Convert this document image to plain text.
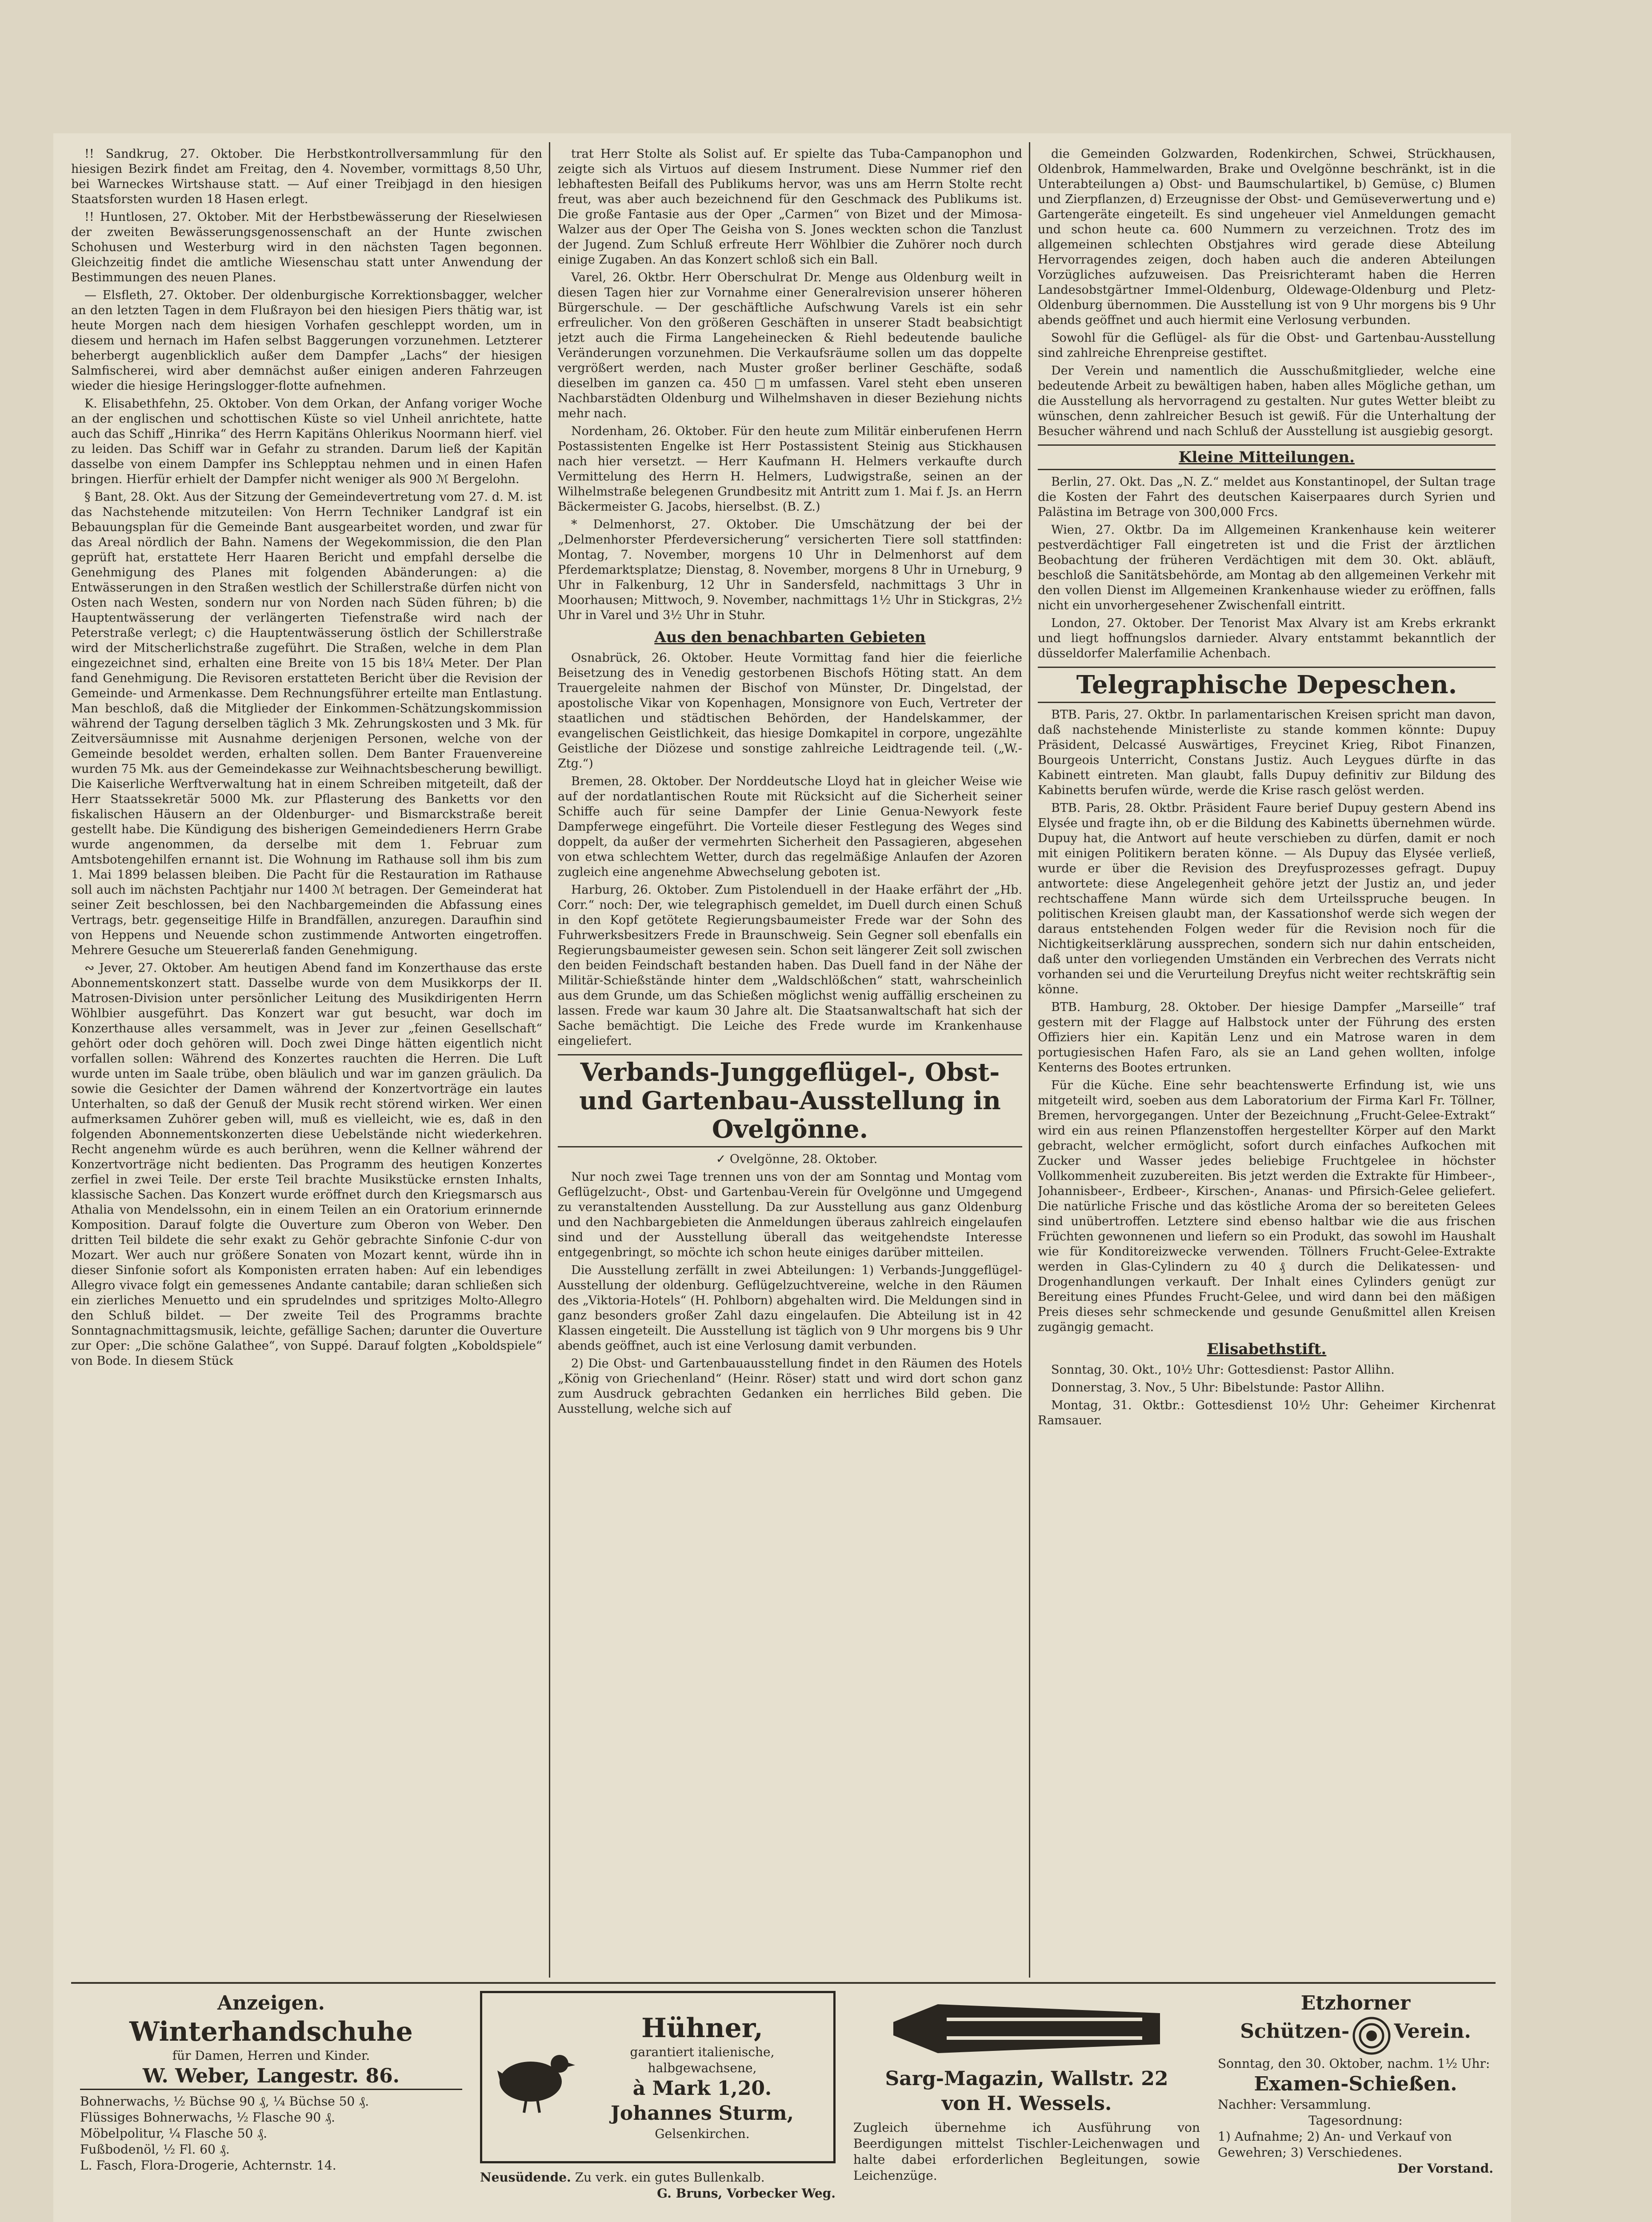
!! Sandkrug, 27. Oktober. Die Herbstkontrollversammlung für den hiesigen Bezirk findet am Freitag, den 4. November, vormittags 8,50 Uhr, bei Warneckes Wirtshause statt. — Auf einer Treibjagd in den hiesigen Staatsforsten wurden 18 Hasen erlegt.

!! Huntlosen, 27. Oktober. Mit der Herbstbewässerung der Rieselwiesen der zweiten Bewässerungsgenossenschaft an der Hunte zwischen Schohusen und Westerburg wird in den nächsten Tagen begonnen. Gleichzeitig findet die amtliche Wiesenschau statt unter Anwendung der Bestimmungen des neuen Planes.

— Elsfleth, 27. Oktober. Der oldenburgische Korrektionsbagger, welcher an den letzten Tagen in dem Flußrayon bei den hiesigen Piers thätig war, ist heute Morgen nach dem hiesigen Vorhafen geschleppt worden, um in diesem und hernach im Hafen selbst Baggerungen vorzunehmen. Letzterer beherbergt augenblicklich außer dem Dampfer „Lachs“ der hiesigen Salmfischerei, wird aber demnächst außer einigen anderen Fahrzeugen wieder die hiesige Heringslogger-flotte aufnehmen.

K. Elisabethfehn, 25. Oktober. Von dem Orkan, der Anfang voriger Woche an der englischen und schottischen Küste so viel Unheil anrichtete, hatte auch das Schiff „Hinrika“ des Herrn Kapitäns Ohlerikus Noormann hierf. viel zu leiden. Das Schiff war in Gefahr zu stranden. Darum ließ der Kapitän dasselbe von einem Dampfer ins Schlepptau nehmen und in einen Hafen bringen. Hierfür erhielt der Dampfer nicht weniger als 900 ℳ Bergelohn.

§ Bant, 28. Okt. Aus der Sitzung der Gemeindevertretung vom 27. d. M. ist das Nachstehende mitzuteilen: Von Herrn Techniker Landgraf ist ein Bebauungsplan für die Gemeinde Bant ausgearbeitet worden, und zwar für das Areal nördlich der Bahn. Namens der Wegekommission, die den Plan geprüft hat, erstattete Herr Haaren Bericht und empfahl derselbe die Genehmigung des Planes mit folgenden Abänderungen: a) die Entwässerungen in den Straßen westlich der Schillerstraße dürfen nicht von Osten nach Westen, sondern nur von Norden nach Süden führen; b) die Hauptentwässerung der verlängerten Tiefenstraße wird nach der Peterstraße verlegt; c) die Hauptentwässerung östlich der Schillerstraße wird der Mitscherlichstraße zugeführt. Die Straßen, welche in dem Plan eingezeichnet sind, erhalten eine Breite von 15 bis 18¼ Meter. Der Plan fand Genehmigung. Die Revisoren erstatteten Bericht über die Revision der Gemeinde- und Armenkasse. Dem Rechnungsführer erteilte man Entlastung. Man beschloß, daß die Mitglieder der Einkommen-Schätzungskommission während der Tagung derselben täglich 3 Mk. Zehrungskosten und 3 Mk. für Zeitversäumnisse mit Ausnahme derjenigen Personen, welche von der Gemeinde besoldet werden, erhalten sollen. Dem Banter Frauenvereine wurden 75 Mk. aus der Gemeindekasse zur Weihnachtsbescherung bewilligt. Die Kaiserliche Werftverwaltung hat in einem Schreiben mitgeteilt, daß der Herr Staatssekretär 5000 Mk. zur Pflasterung des Banketts vor den fiskalischen Häusern an der Oldenburger- und Bismarckstraße bereit gestellt habe. Die Kündigung des bisherigen Gemeindedieners Herrn Grabe wurde angenommen, da derselbe mit dem 1. Februar zum Amtsbotengehilfen ernannt ist. Die Wohnung im Rathause soll ihm bis zum 1. Mai 1899 belassen bleiben. Die Pacht für die Restauration im Rathause soll auch im nächsten Pachtjahr nur 1400 ℳ betragen. Der Gemeinderat hat seiner Zeit beschlossen, bei den Nachbargemeinden die Abfassung eines Vertrags, betr. gegenseitige Hilfe in Brandfällen, anzuregen. Daraufhin sind von Heppens und Neuende schon zustimmende Antworten eingetroffen. Mehrere Gesuche um Steuererlaß fanden Genehmigung.

∾ Jever, 27. Oktober. Am heutigen Abend fand im Konzerthause das erste Abonnementskonzert statt. Dasselbe wurde von dem Musikkorps der II. Matrosen-Division unter persönlicher Leitung des Musikdirigenten Herrn Wöhlbier ausgeführt. Das Konzert war gut besucht, war doch im Konzerthause alles versammelt, was in Jever zur „feinen Gesellschaft“ gehört oder doch gehören will. Doch zwei Dinge hätten eigentlich nicht vorfallen sollen: Während des Konzertes rauchten die Herren. Die Luft wurde unten im Saale trübe, oben bläulich und war im ganzen gräulich. Da sowie die Gesichter der Damen während der Konzertvorträge ein lautes Unterhalten, so daß der Genuß der Musik recht störend wirken. Wer einen aufmerksamen Zuhörer geben will, muß es vielleicht, wie es, daß in den folgenden Abonnementskonzerten diese Uebelstände nicht wiederkehren. Recht angenehm würde es auch berühren, wenn die Kellner während der Konzertvorträge nicht bedienten. Das Programm des heutigen Konzertes zerfiel in zwei Teile. Der erste Teil brachte Musikstücke ernsten Inhalts, klassische Sachen. Das Konzert wurde eröffnet durch den Kriegsmarsch aus Athalia von Mendelssohn, ein in einem Teilen an ein Oratorium erinnernde Komposition. Darauf folgte die Ouverture zum Oberon von Weber. Den dritten Teil bildete die sehr exakt zu Gehör gebrachte Sinfonie C-dur von Mozart. Wer auch nur größere Sonaten von Mozart kennt, würde ihn in dieser Sinfonie sofort als Komponisten erraten haben: Auf ein lebendiges Allegro vivace folgt ein gemessenes Andante cantabile; daran schließen sich ein zierliches Menuetto und ein sprudelndes und spritziges Molto-Allegro den Schluß bildet. — Der zweite Teil des Programms brachte Sonntagnachmittagsmusik, leichte, gefällige Sachen; darunter die Ouverture zur Oper: „Die schöne Galathee“, von Suppé. Darauf folgten „Koboldspiele“ von Bode. In diesem Stück

trat Herr Stolte als Solist auf. Er spielte das Tuba-Campanophon und zeigte sich als Virtuos auf diesem Instrument. Diese Nummer rief den lebhaftesten Beifall des Publikums hervor, was uns am Herrn Stolte recht freut, was aber auch bezeichnend für den Geschmack des Publikums ist. Die große Fantasie aus der Oper „Carmen“ von Bizet und der Mimosa-Walzer aus der Oper The Geisha von S. Jones weckten schon die Tanzlust der Jugend. Zum Schluß erfreute Herr Wöhlbier die Zuhörer noch durch einige Zugaben. An das Konzert schloß sich ein Ball.

Varel, 26. Oktbr. Herr Oberschulrat Dr. Menge aus Oldenburg weilt in diesen Tagen hier zur Vornahme einer Generalrevision unserer höheren Bürgerschule. — Der geschäftliche Aufschwung Varels ist ein sehr erfreulicher. Von den größeren Geschäften in unserer Stadt beabsichtigt jetzt auch die Firma Langeheinecken & Riehl bedeutende bauliche Veränderungen vorzunehmen. Die Verkaufsräume sollen um das doppelte vergrößert werden, nach Muster großer berliner Geschäfte, sodaß dieselben im ganzen ca. 450 □m umfassen. Varel steht eben unseren Nachbarstädten Oldenburg und Wilhelmshaven in dieser Beziehung nichts mehr nach.

Nordenham, 26. Oktober. Für den heute zum Militär einberufenen Herrn Postassistenten Engelke ist Herr Postassistent Steinig aus Stickhausen nach hier versetzt. — Herr Kaufmann H. Helmers verkaufte durch Vermittelung des Herrn H. Helmers, Ludwigstraße, seinen an der Wilhelmstraße belegenen Grundbesitz mit Antritt zum 1. Mai f. Js. an Herrn Bäckermeister G. Jacobs, hierselbst. (B. Z.)

* Delmenhorst, 27. Oktober. Die Umschätzung der bei der „Delmenhorster Pferdeversicherung“ versicherten Tiere soll stattfinden: Montag, 7. November, morgens 10 Uhr in Delmenhorst auf dem Pferdemarktsplatze; Dienstag, 8. November, morgens 8 Uhr in Urneburg, 9 Uhr in Falkenburg, 12 Uhr in Sandersfeld, nachmittags 3 Uhr in Moorhausen; Mittwoch, 9. November, nachmittags 1½ Uhr in Stickgras, 2½ Uhr in Varel und 3½ Uhr in Stuhr.

Aus den benachbarten Gebieten

Osnabrück, 26. Oktober. Heute Vormittag fand hier die feierliche Beisetzung des in Venedig gestorbenen Bischofs Höting statt. An dem Trauergeleite nahmen der Bischof von Münster, Dr. Dingelstad, der apostolische Vikar von Kopenhagen, Monsignore von Euch, Vertreter der staatlichen und städtischen Behörden, der Handelskammer, der evangelischen Geistlichkeit, das hiesige Domkapitel in corpore, ungezählte Geistliche der Diözese und sonstige zahlreiche Leidtragende teil. („W.-Ztg.“)

Bremen, 28. Oktober. Der Norddeutsche Lloyd hat in gleicher Weise wie auf der nordatlantischen Route mit Rücksicht auf die Sicherheit seiner Schiffe auch für seine Dampfer der Linie Genua-Newyork feste Dampferwege eingeführt. Die Vorteile dieser Festlegung des Weges sind doppelt, da außer der vermehrten Sicherheit den Passagieren, abgesehen von etwa schlechtem Wetter, durch das regelmäßige Anlaufen der Azoren zugleich eine angenehme Abwechselung geboten ist.

Harburg, 26. Oktober. Zum Pistolenduell in der Haake erfährt der „Hb. Corr.“ noch: Der, wie telegraphisch gemeldet, im Duell durch einen Schuß in den Kopf getötete Regierungsbaumeister Frede war der Sohn des Fuhrwerksbesitzers Frede in Braunschweig. Sein Gegner soll ebenfalls ein Regierungsbaumeister gewesen sein. Schon seit längerer Zeit soll zwischen den beiden Feindschaft bestanden haben. Das Duell fand in der Nähe der Militär-Schießstände hinter dem „Waldschlößchen“ statt, wahrscheinlich aus dem Grunde, um das Schießen möglichst wenig auffällig erscheinen zu lassen. Frede war kaum 30 Jahre alt. Die Staatsanwaltschaft hat sich der Sache bemächtigt. Die Leiche des Frede wurde im Krankenhause eingeliefert.

Verbands-Junggeflügel-, Obst- und Gartenbau-Ausstellung in Ovelgönne.

✓ Ovelgönne, 28. Oktober.

Nur noch zwei Tage trennen uns von der am Sonntag und Montag vom Geflügelzucht-, Obst- und Gartenbau-Verein für Ovelgönne und Umgegend zu veranstaltenden Ausstellung. Da zur Ausstellung aus ganz Oldenburg und den Nachbargebieten die Anmeldungen überaus zahlreich eingelaufen sind und der Ausstellung überall das weitgehendste Interesse entgegenbringt, so möchte ich schon heute einiges darüber mitteilen.

Die Ausstellung zerfällt in zwei Abteilungen: 1) Verbands-Junggeflügel-Ausstellung der oldenburg. Geflügelzuchtvereine, welche in den Räumen des „Viktoria-Hotels“ (H. Pohlborn) abgehalten wird. Die Meldungen sind in ganz besonders großer Zahl dazu eingelaufen. Die Abteilung ist in 42 Klassen eingeteilt. Die Ausstellung ist täglich von 9 Uhr morgens bis 9 Uhr abends geöffnet, auch ist eine Verlosung damit verbunden.

2) Die Obst- und Gartenbauausstellung findet in den Räumen des Hotels „König von Griechenland“ (Heinr. Röser) statt und wird dort schon ganz zum Ausdruck gebrachten Gedanken ein herrliches Bild geben. Die Ausstellung, welche sich auf

die Gemeinden Golzwarden, Rodenkirchen, Schwei, Strückhausen, Oldenbrok, Hammelwarden, Brake und Ovelgönne beschränkt, ist in die Unterabteilungen a) Obst- und Baumschulartikel, b) Gemüse, c) Blumen und Zierpflanzen, d) Erzeugnisse der Obst- und Gemüseverwertung und e) Gartengeräte eingeteilt. Es sind ungeheuer viel Anmeldungen gemacht und schon heute ca. 600 Nummern zu verzeichnen. Trotz des im allgemeinen schlechten Obstjahres wird gerade diese Abteilung Hervorragendes zeigen, doch haben auch die anderen Abteilungen Vorzügliches aufzuweisen. Das Preisrichteramt haben die Herren Landesobstgärtner Immel-Oldenburg, Oldewage-Oldenburg und Pletz-Oldenburg übernommen. Die Ausstellung ist von 9 Uhr morgens bis 9 Uhr abends geöffnet und auch hiermit eine Verlosung verbunden.

Sowohl für die Geflügel- als für die Obst- und Gartenbau-Ausstellung sind zahlreiche Ehrenpreise gestiftet.

Der Verein und namentlich die Ausschußmitglieder, welche eine bedeutende Arbeit zu bewältigen haben, haben alles Mögliche gethan, um die Ausstellung als hervorragend zu gestalten. Nur gutes Wetter bleibt zu wünschen, denn zahlreicher Besuch ist gewiß. Für die Unterhaltung der Besucher während und nach Schluß der Ausstellung ist ausgiebig gesorgt.

Kleine Mitteilungen.

Berlin, 27. Okt. Das „N. Z.“ meldet aus Konstantinopel, der Sultan trage die Kosten der Fahrt des deutschen Kaiserpaares durch Syrien und Palästina im Betrage von 300,000 Frcs.

Wien, 27. Oktbr. Da im Allgemeinen Krankenhause kein weiterer pestverdächtiger Fall eingetreten ist und die Frist der ärztlichen Beobachtung der früheren Verdächtigen mit dem 30. Okt. abläuft, beschloß die Sanitätsbehörde, am Montag ab den allgemeinen Verkehr mit den vollen Dienst im Allgemeinen Krankenhause wieder zu eröffnen, falls nicht ein unvorhergesehener Zwischenfall eintritt.

London, 27. Oktober. Der Tenorist Max Alvary ist am Krebs erkrankt und liegt hoffnungslos darnieder. Alvary entstammt bekanntlich der düsseldorfer Malerfamilie Achenbach.

Telegraphische Depeschen.

BTB. Paris, 27. Oktbr. In parlamentarischen Kreisen spricht man davon, daß nachstehende Ministerliste zu stande kommen könnte: Dupuy Präsident, Delcassé Auswärtiges, Freycinet Krieg, Ribot Finanzen, Bourgeois Unterricht, Constans Justiz. Auch Leygues dürfte in das Kabinett eintreten. Man glaubt, falls Dupuy definitiv zur Bildung des Kabinetts berufen würde, werde die Krise rasch gelöst werden.

BTB. Paris, 28. Oktbr. Präsident Faure berief Dupuy gestern Abend ins Elysée und fragte ihn, ob er die Bildung des Kabinetts übernehmen würde. Dupuy hat, die Antwort auf heute verschieben zu dürfen, damit er noch mit einigen Politikern beraten könne. — Als Dupuy das Elysée verließ, wurde er über die Revision des Dreyfusprozesses gefragt. Dupuy antwortete: diese Angelegenheit gehöre jetzt der Justiz an, und jeder rechtschaffene Mann würde sich dem Urteilsspruche beugen. In politischen Kreisen glaubt man, der Kassationshof werde sich wegen der daraus entstehenden Folgen weder für die Revision noch für die Nichtigkeitserklärung aussprechen, sondern sich nur dahin entscheiden, daß unter den vorliegenden Umständen ein Verbrechen des Verrats nicht vorhanden sei und die Verurteilung Dreyfus nicht weiter rechtskräftig sein könne.

BTB. Hamburg, 28. Oktober. Der hiesige Dampfer „Marseille“ traf gestern mit der Flagge auf Halbstock unter der Führung des ersten Offiziers hier ein. Kapitän Lenz und ein Matrose waren in dem portugiesischen Hafen Faro, als sie an Land gehen wollten, infolge Kenterns des Bootes ertrunken.

Für die Küche. Eine sehr beachtenswerte Erfindung ist, wie uns mitgeteilt wird, soeben aus dem Laboratorium der Firma Karl Fr. Töllner, Bremen, hervorgegangen. Unter der Bezeichnung „Frucht-Gelee-Extrakt“ wird ein aus reinen Pflanzenstoffen hergestellter Körper auf den Markt gebracht, welcher ermöglicht, sofort durch einfaches Aufkochen mit Zucker und Wasser jedes beliebige Fruchtgelee in höchster Vollkommenheit zuzubereiten. Bis jetzt werden die Extrakte für Himbeer-, Johannisbeer-, Erdbeer-, Kirschen-, Ananas- und Pfirsich-Gelee geliefert. Die natürliche Frische und das köstliche Aroma der so bereiteten Gelees sind unübertroffen. Letztere sind ebenso haltbar wie die aus frischen Früchten gewonnenen und liefern so ein Produkt, das sowohl im Haushalt wie für Konditoreizwecke verwenden. Töllners Frucht-Gelee-Extrakte werden in Glas-Cylindern zu 40 ₰ durch die Delikatessen- und Drogenhandlungen verkauft. Der Inhalt eines Cylinders genügt zur Bereitung eines Pfundes Frucht-Gelee, und wird dann bei den mäßigen Preis dieses sehr schmeckende und gesunde Genußmittel allen Kreisen zugängig gemacht.

Elisabethstift.

Sonntag, 30. Okt., 10½ Uhr: Gottesdienst: Pastor Allihn.

Donnerstag, 3. Nov., 5 Uhr: Bibelstunde: Pastor Allihn.

Montag, 31. Oktbr.: Gottesdienst 10½ Uhr: Geheimer Kirchenrat Ramsauer.

Anzeigen.
Winterhandschuhe
für Damen, Herren und Kinder.
W. Weber, Langestr. 86.
Bohnerwachs, ½ Büchse 90 ₰, ¼ Büchse 50 ₰.
Flüssiges Bohnerwachs, ½ Flasche 90 ₰.
Möbelpolitur, ¼ Flasche 50 ₰.
Fußbodenöl, ½ Fl. 60 ₰.
L. Fasch, Flora-Drogerie, Achternstr. 14.
Hühner,
garantiert italienische,
halbgewachsene,
à Mark 1,20.
Johannes Sturm,
Gelsenkirchen.
Neusüdende. Zu verk. ein gutes Bullenkalb.
G. Bruns, Vorbecker Weg.
Sarg-Magazin, Wallstr. 22
von H. Wessels.
Zugleich übernehme ich Ausführung von Beerdigungen mittelst Tischler-Leichenwagen und halte dabei erforderlichen Begleitungen, sowie Leichenzüge.
Etzhorner
Schützen- Verein.
Sonntag, den 30. Oktober, nachm. 1½ Uhr:
Examen-Schießen.
Nachher: Versammlung.
Tagesordnung:
1) Aufnahme; 2) An- und Verkauf von Gewehren; 3) Verschiedenes.
Der Vorstand.
